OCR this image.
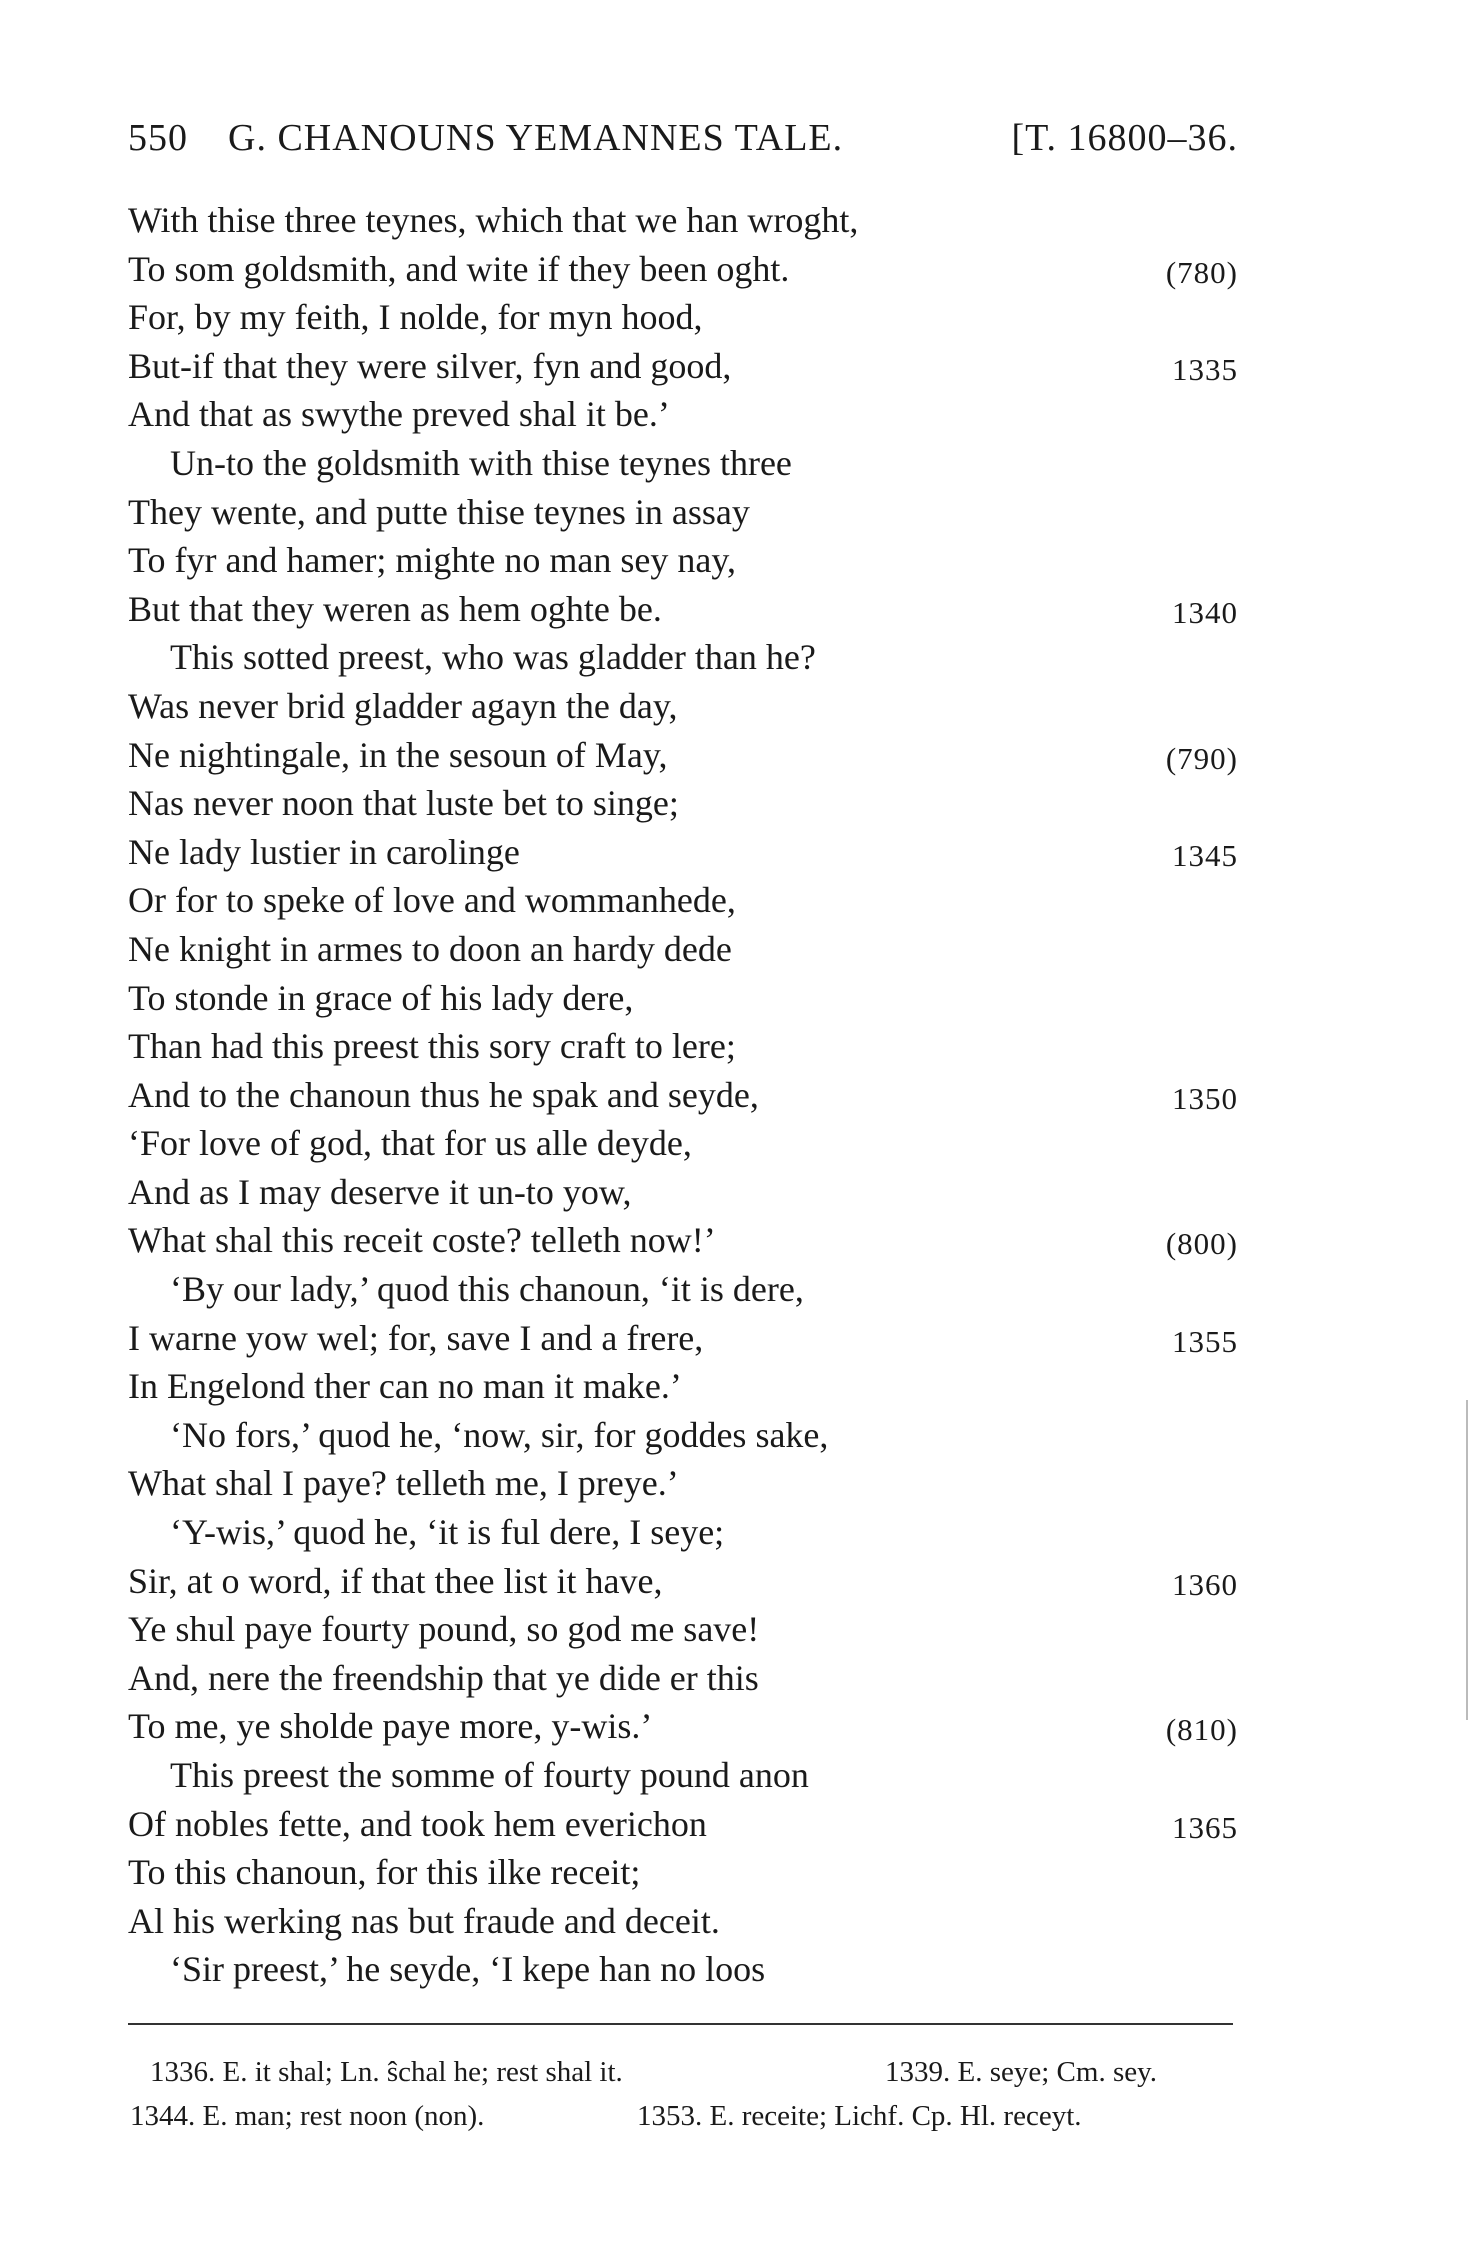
550 G. CHANOUNS YEMANNES TALE.	[T. 16800–36.
With thise three teynes, which that we han wroght,
To som goldsmith, and wite if they been oght.	(780)
For, by my feith, I nolde, for myn hood,
But-if that they were silver, fyn and good,	1335
And that as swythe preved shal it be.’
Un-to the goldsmith with thise teynes three
They wente, and putte thise teynes in assay
To fyr and hamer; mighte no man sey nay,
But that they weren as hem oghte be.	1340
This sotted preest, who was gladder than he?
Was never brid gladder agayn the day,
Ne nightingale, in the sesoun of May,	(790)
Nas never noon that luste bet to singe;
Ne lady lustier in carolinge	1345
Or for to speke of love and wommanhede,
Ne knight in armes to doon an hardy dede
To stonde in grace of his lady dere,
Than had this preest this sory craft to lere;
And to the chanoun thus he spak and seyde,	1350
‘For love of god, that for us alle deyde,
And as I may deserve it un-to yow,
What shal this receit coste? telleth now!’	(800)
‘By our lady,’ quod this chanoun, ‘it is dere,
I warne yow wel; for, save I and a frere,	1355
In Engelond ther can no man it make.’
‘No fors,’ quod he, ‘now, sir, for goddes sake,
What shal I paye? telleth me, I preye.’
‘Y-wis,’ quod he, ‘it is ful dere, I seye;
Sir, at o word, if that thee list it have,	1360
Ye shul paye fourty pound, so god me save!
And, nere the freendship that ye dide er this
To me, ye sholde paye more, y-wis.’	(810)
This preest the somme of fourty pound anon
Of nobles fette, and took hem everichon	1365
To this chanoun, for this ilke receit;
Al his werking nas but fraude and deceit.
‘Sir preest,’ he seyde, ‘I kepe han no loos
1336. E. it shal; Ln. ŝchal he; rest shal it.	1339. E. seye; Cm. sey.
1344. E. man; rest noon (non).	1353. E. receite; Lichf. Cp. Hl. receyt.
